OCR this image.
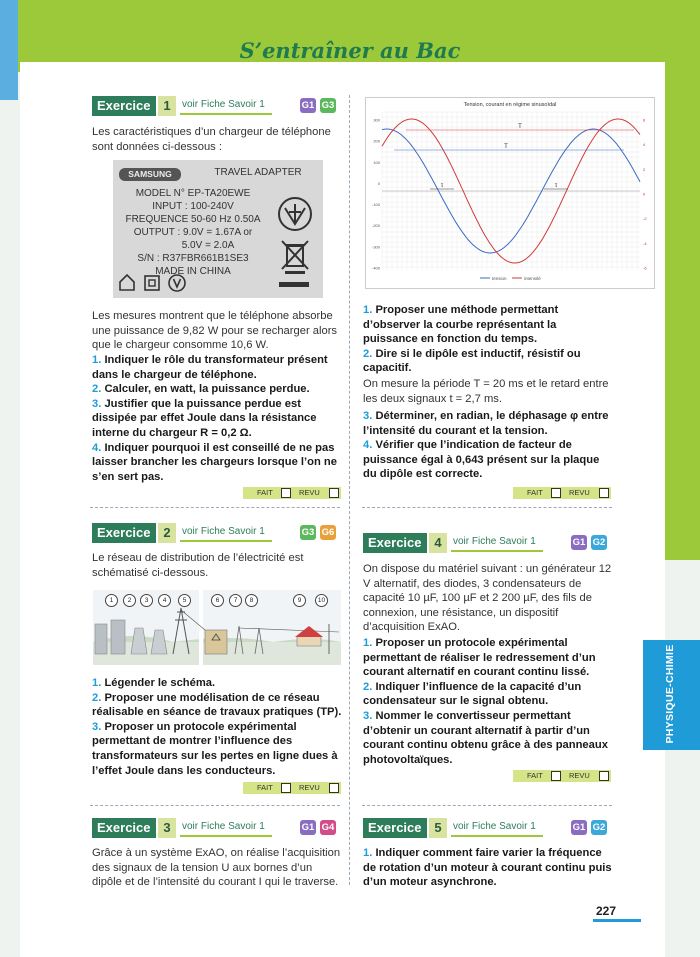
S’entraîner au Bac
PHYSIQUE-CHIMIE
Exercice 1	voir Fiche Savoir 1	G1 G3
Les caractéristiques d’un chargeur de téléphone sont données ci-dessous :
SAMSUNG	TRAVEL ADAPTER
MODEL N° EP-TA20EWE
INPUT : 100-240V
FREQUENCE 50-60 Hz 0.50A
OUTPUT : 9.0V = 1.67A or
5.0V = 2.0A
S/N : R37FBR661B1SE3
MADE IN CHINA
Les mesures montrent que le téléphone absorbe une puissance de 9,82 W pour se recharger alors que le chargeur consomme 10,6 W.

1. Indiquer le rôle du transformateur présent dans le chargeur de téléphone.

2. Calculer, en watt, la puissance perdue.

3. Justifier que la puissance perdue est dissipée par effet Joule dans la résistance interne du chargeur R = 0,2 Ω.

4. Indiquer pourquoi il est conseillé de ne pas laisser brancher les chargeurs lorsque l’on ne s’en sert pas.

FAIT	REVU
Tension, courant en régime sinusoïdal
T
T
τ	τ
300
200
100
0
-100
-200
-300
-400
6
4
2
0
-2
-4
-6
tension	intensité

1. Proposer une méthode permettant d’observer la courbe représentant la puissance en fonction du temps.

2. Dire si le dipôle est inductif, résistif ou capacitif.

On mesure la période T = 20 ms et le retard entre les deux signaux t = 2,7 ms.

3. Déterminer, en radian, le déphasage φ entre l’intensité du courant et la tension.

4. Vérifier que l’indication de facteur de puissance égal à 0,643 présent sur la plaque du dipôle est correcte.

FAIT	REVU
Exercice 2	voir Fiche Savoir 1	G3 G6
Le réseau de distribution de l’électricité est schématisé ci-dessous.
1	2	3	4	5	6	7	8	9	10

1. Légender le schéma.

2. Proposer une modélisation de ce réseau réalisable en séance de travaux pratiques (TP).

3. Proposer un protocole expérimental permettant de montrer l’influence des transformateurs sur les pertes en ligne dues à l’effet Joule dans les conducteurs.

FAIT	REVU
Exercice 4	voir Fiche Savoir 1	G1 G2
On dispose du matériel suivant : un générateur 12 V alternatif, des diodes, 3 condensateurs de capacité 10 µF, 100 µF et 2 200 µF, des fils de connexion, une résistance, un dispositif d’acquisition ExAO.

1. Proposer un protocole expérimental permettant de réaliser le redressement d’un courant alternatif en courant continu lissé.

2. Indiquer l’influence de la capacité d’un condensateur sur le signal obtenu.

3. Nommer le convertisseur permettant d’obtenir un courant alternatif à partir d’un courant continu obtenu grâce à des panneaux photovoltaïques.

FAIT	REVU
Exercice 3	voir Fiche Savoir 1	G1 G4
Grâce à un système ExAO, on réalise l’acquisition des signaux de la tension U aux bornes d’un dipôle et de l’intensité du courant I qui le traverse.
Exercice 5	voir Fiche Savoir 1	G1 G2

1. Indiquer comment faire varier la fréquence de rotation d’un moteur à courant continu puis d’un moteur asynchrone.

227
